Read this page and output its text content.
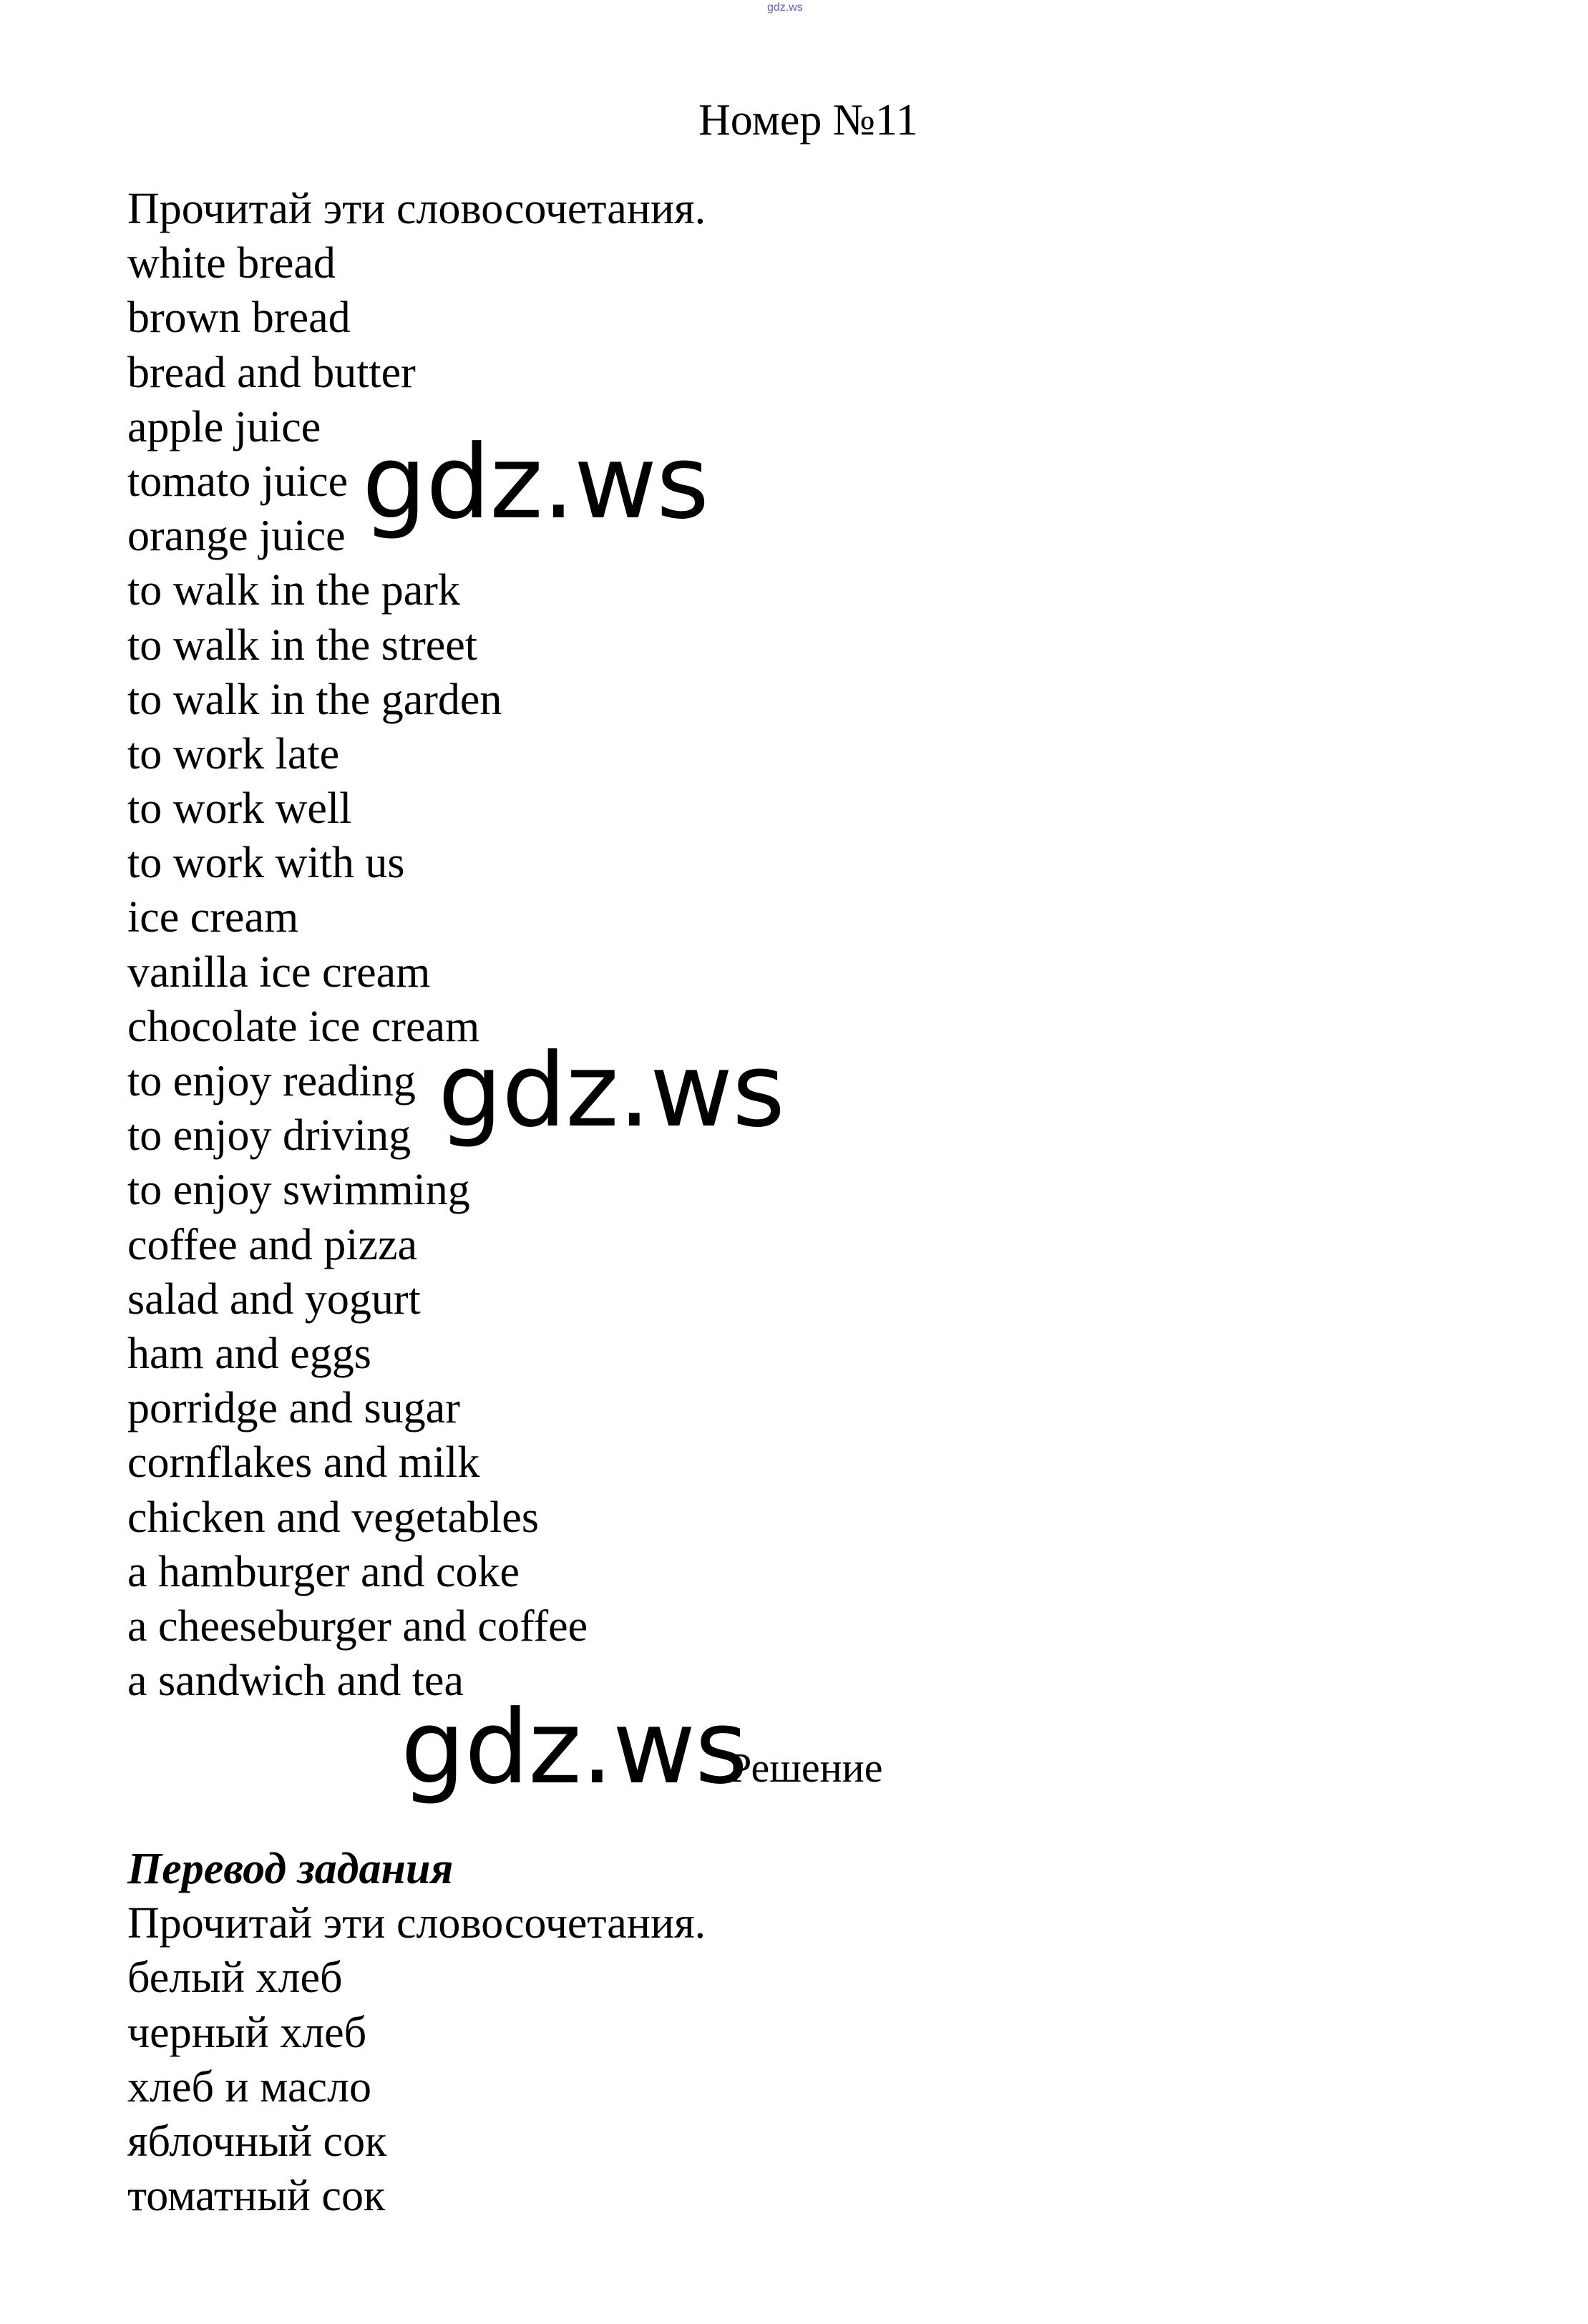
gdz.ws
Номер №11
Прочитай эти словосочетания.
white bread
brown bread
bread and butter
apple juice
tomato juice
orange juice
to walk in the park
to walk in the street
to walk in the garden
to work late
to work well
to work with us
ice cream
vanilla ice cream
chocolate ice cream
to enjoy reading
to enjoy driving
to enjoy swimming
coffee and pizza
salad and yogurt
ham and eggs
porridge and sugar
cornflakes and milk
chicken and vegetables
a hamburger and coke
a cheeseburger and coffee
a sandwich and tea
Решение
Перевод задания
Прочитай эти словосочетания.
белый хлеб
черный хлеб
хлеб и масло
яблочный сок
томатный сок
gdz.ws
gdz.ws
gdz.ws
